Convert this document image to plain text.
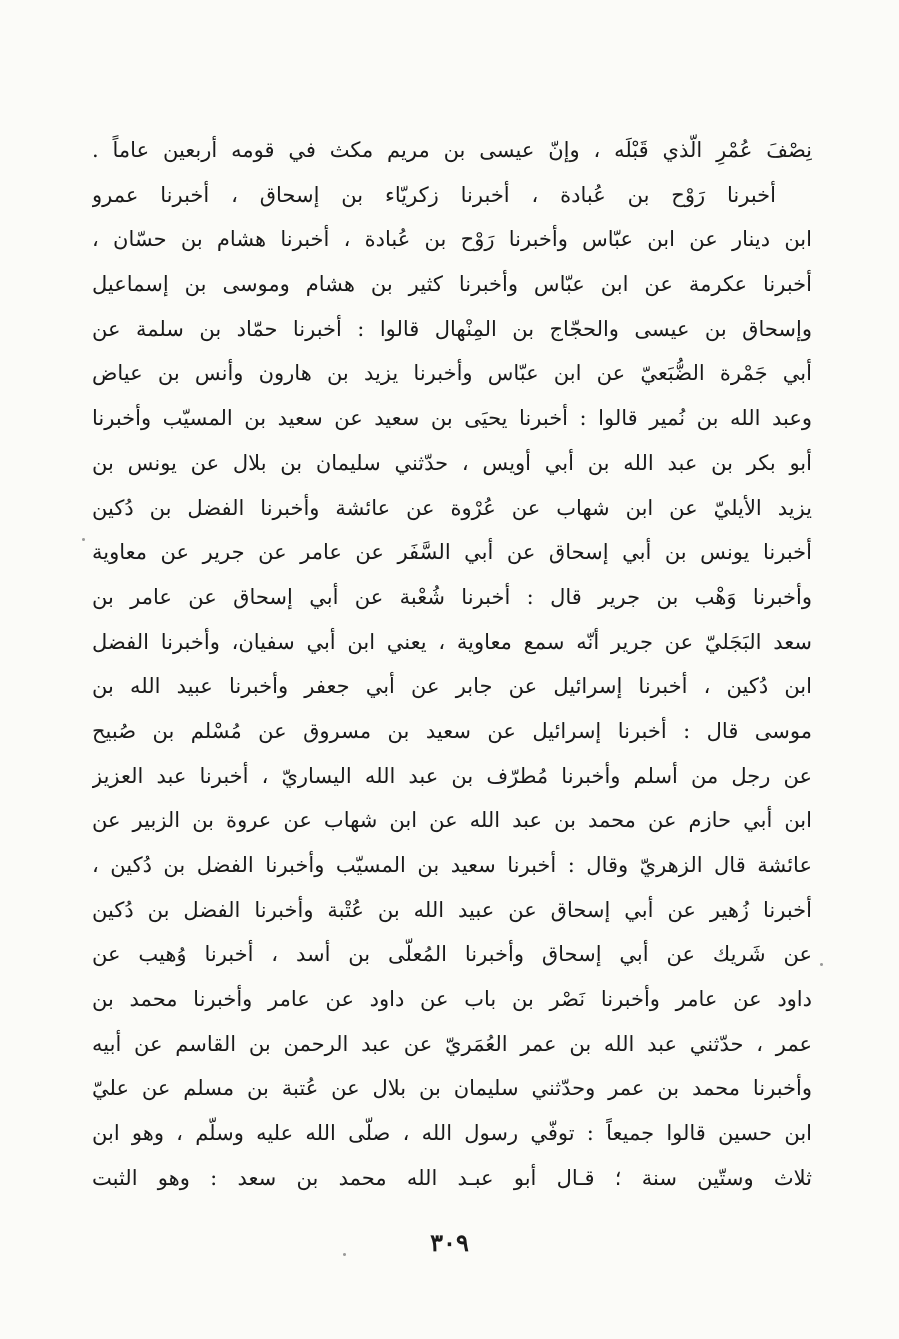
نِصْفَ عُمْرِ الّذي قَبْلَه ، وإنّ عيسى بن مريم مكث في قومه أربعين عاماً .
أخبرنا رَوْح بن عُبادة ، أخبرنا زكريّاء بن إسحاق ، أخبرنا عمرو
ابن دينار عن ابن عبّاس وأخبرنا رَوْح بن عُبادة ، أخبرنا هشام بن حسّان ،
أخبرنا عكرمة عن ابن عبّاس وأخبرنا كثير بن هشام وموسى بن إسماعيل
وإسحاق بن عيسى والحجّاج بن المِنْهال قالوا : أخبرنا حمّاد بن سلمة عن
أبي جَمْرة الضُّبَعيّ عن ابن عبّاس وأخبرنا يزيد بن هارون وأنس بن عياض
وعبد الله بن نُمير قالوا : أخبرنا يحيَى بن سعيد عن سعيد بن المسيّب وأخبرنا
أبو بكر بن عبد الله بن أبي أويس ، حدّثني سليمان بن بلال عن يونس بن
يزيد الأيليّ عن ابن شهاب عن عُرْوة عن عائشة وأخبرنا الفضل بن دُكين
أخبرنا يونس بن أبي إسحاق عن أبي السَّفَر عن عامر عن جرير عن معاوية
وأخبرنا وَهْب بن جرير قال : أخبرنا شُعْبة عن أبي إسحاق عن عامر بن
سعد البَجَليّ عن جرير أنّه سمع معاوية ، يعني ابن أبي سفيان، وأخبرنا الفضل
ابن دُكين ، أخبرنا إسرائيل عن جابر عن أبي جعفر وأخبرنا عبيد الله بن
موسى قال : أخبرنا إسرائيل عن سعيد بن مسروق عن مُسْلم بن صُبيح
عن رجل من أسلم وأخبرنا مُطرّف بن عبد الله اليساريّ ، أخبرنا عبد العزيز
ابن أبي حازم عن محمد بن عبد الله عن ابن شهاب عن عروة بن الزبير عن
عائشة قال الزهريّ وقال : أخبرنا سعيد بن المسيّب وأخبرنا الفضل بن دُكين ،
أخبرنا زُهير عن أبي إسحاق عن عبيد الله بن عُتْبة وأخبرنا الفضل بن دُكين
عن شَريك عن أبي إسحاق وأخبرنا المُعلّى بن أسد ، أخبرنا وُهيب عن
داود عن عامر وأخبرنا نَصْر بن باب عن داود عن عامر وأخبرنا محمد بن
عمر ، حدّثني عبد الله بن عمر العُمَريّ عن عبد الرحمن بن القاسم عن أبيه
وأخبرنا محمد بن عمر وحدّثني سليمان بن بلال عن عُتبة بن مسلم عن عليّ
ابن حسين قالوا جميعاً : توفّي رسول الله ، صلّى الله عليه وسلّم ، وهو ابن
ثلاث وستّين سنة ؛ قـال أبو عبـد الله محمد بن سعد : وهو الثبت
٣٠٩
